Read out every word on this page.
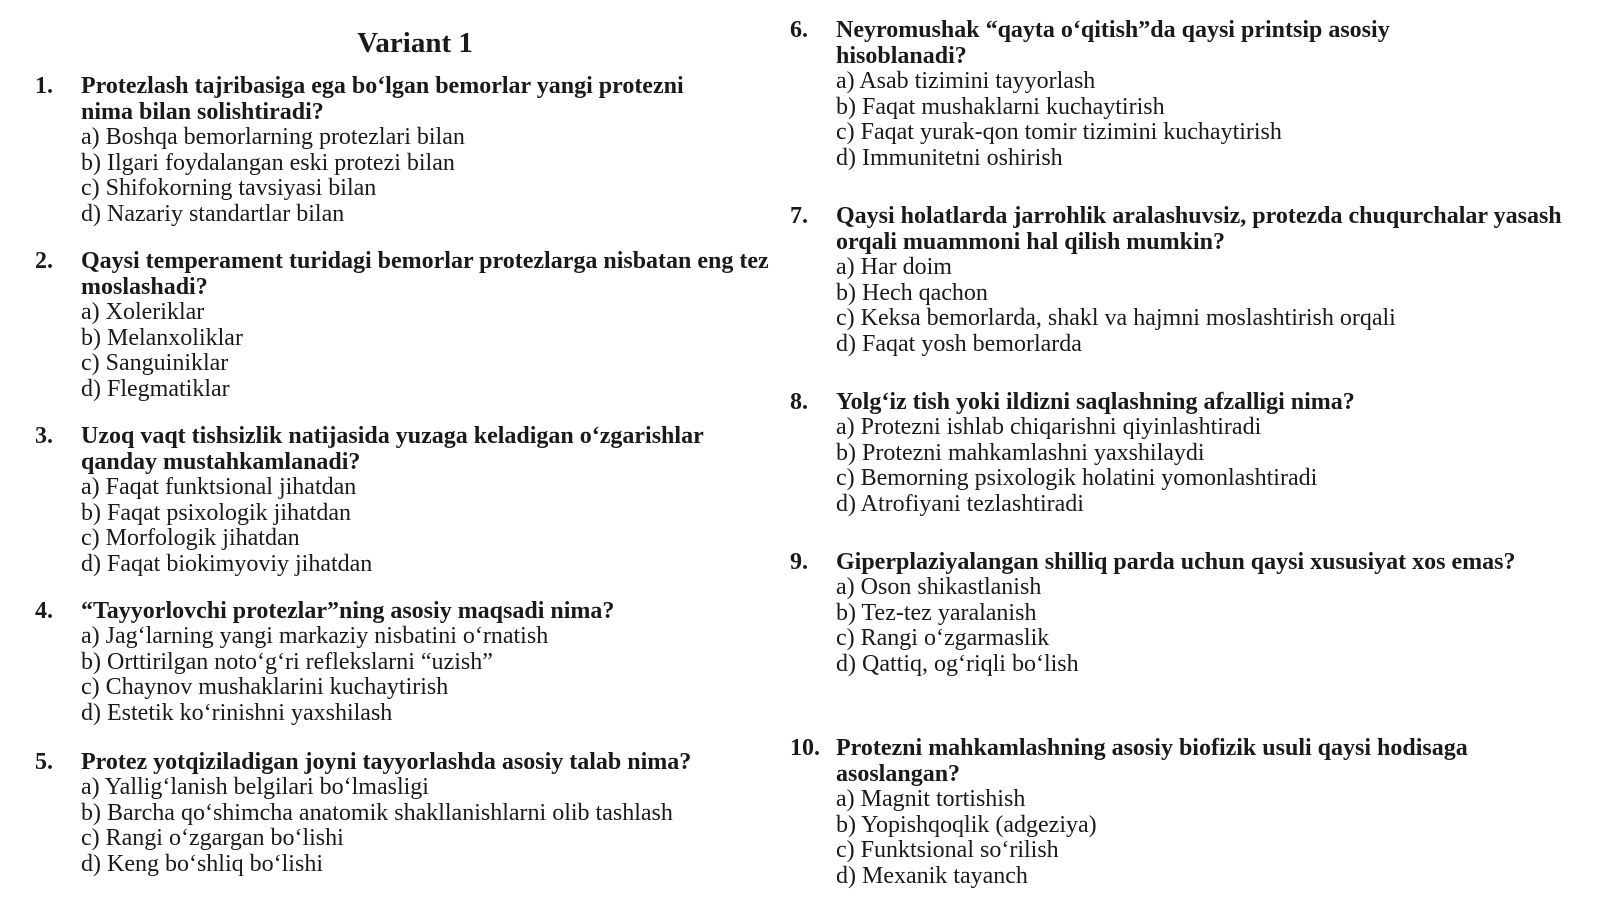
Variant 1
1.	Protezlash tajribasiga ega bo‘lgan bemorlar yangi protezni nima bilan solishtiradi?
a) Boshqa bemorlarning protezlari bilan
b) Ilgari foydalangan eski protezi bilan
c) Shifokorning tavsiyasi bilan
d) Nazariy standartlar bilan
2.	Qaysi temperament turidagi bemorlar protezlarga nisbatan eng tez moslashadi?
a) Xoleriklar
b) Melanxoliklar
c) Sanguiniklar
d) Flegmatiklar
3.	Uzoq vaqt tishsizlik natijasida yuzaga keladigan o‘zgarishlar qanday mustahkamlanadi?
a) Faqat funktsional jihatdan
b) Faqat psixologik jihatdan
c) Morfologik jihatdan
d) Faqat biokimyoviy jihatdan
4.	“Tayyorlovchi protezlar”ning asosiy maqsadi nima?
a) Jag‘larning yangi markaziy nisbatini o‘rnatish
b) Orttirilgan noto‘g‘ri reflekslarni “uzish”
c) Chaynov mushaklarini kuchaytirish
d) Estetik ko‘rinishni yaxshilash
5.	Protez yotqiziladigan joyni tayyorlashda asosiy talab nima?
a) Yallig‘lanish belgilari bo‘lmasligi
b) Barcha qo‘shimcha anatomik shakllanishlarni olib tashlash
c) Rangi o‘zgargan bo‘lishi
d) Keng bo‘shliq bo‘lishi
6.	Neyromushak “qayta o‘qitish”da qaysi printsip asosiy hisoblanadi?
a) Asab tizimini tayyorlash
b) Faqat mushaklarni kuchaytirish
c) Faqat yurak-qon tomir tizimini kuchaytirish
d) Immunitetni oshirish
7.	Qaysi holatlarda jarrohlik aralashuvsiz, protezda chuqurchalar yasash orqali muammoni hal qilish mumkin?
a) Har doim
b) Hech qachon
c) Keksa bemorlarda, shakl va hajmni moslashtirish orqali
d) Faqat yosh bemorlarda
8.	Yolg‘iz tish yoki ildizni saqlashning afzalligi nima?
a) Protezni ishlab chiqarishni qiyinlashtiradi
b) Protezni mahkamlashni yaxshilaydi
c) Bemorning psixologik holatini yomonlashtiradi
d) Atrofiyani tezlashtiradi
9.	Giperplaziyalangan shilliq parda uchun qaysi xususiyat xos emas?
a) Oson shikastlanish
b) Tez-tez yaralanish
c) Rangi o‘zgarmaslik
d) Qattiq, og‘riqli bo‘lish
10. Protezni mahkamlashning asosiy biofizik usuli qaysi hodisaga asoslangan?
a) Magnit tortishish
b) Yopishqoqlik (adgeziya)
c) Funktsional so‘rilish
d) Mexanik tayanch
